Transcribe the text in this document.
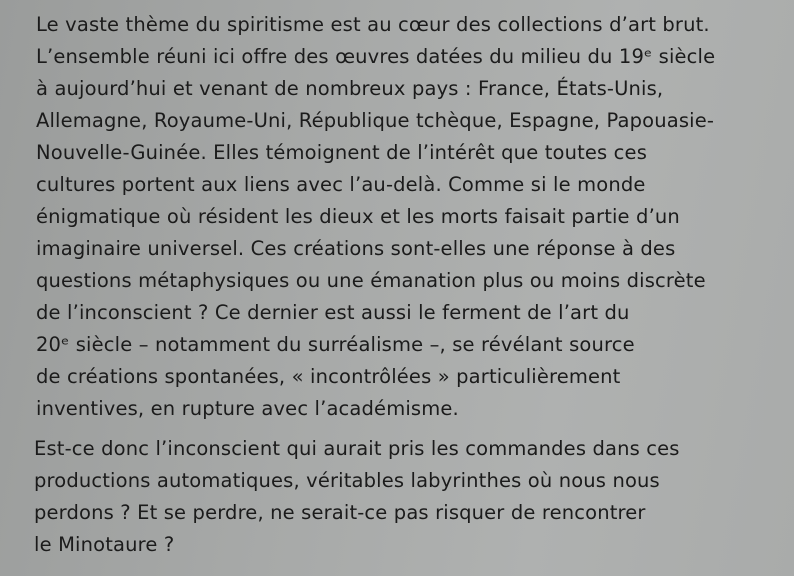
Le vaste thème du spiritisme est au cœur des collections d’art brut.
L’ensemble réuni ici offre des œuvres datées du milieu du 19ᵉ siècle
à aujourd’hui et venant de nombreux pays : France, États-Unis,
Allemagne, Royaume-Uni, République tchèque, Espagne, Papouasie-
Nouvelle-Guinée. Elles témoignent de l’intérêt que toutes ces
cultures portent aux liens avec l’au-delà. Comme si le monde
énigmatique où résident les dieux et les morts faisait partie d’un
imaginaire universel. Ces créations sont-elles une réponse à des
questions métaphysiques ou une émanation plus ou moins discrète
de l’inconscient ? Ce dernier est aussi le ferment de l’art du
20ᵉ siècle – notamment du surréalisme –, se révélant source
de créations spontanées, « incontrôlées » particulièrement
inventives, en rupture avec l’académisme.
Est-ce donc l’inconscient qui aurait pris les commandes dans ces
productions automatiques, véritables labyrinthes où nous nous
perdons ? Et se perdre, ne serait-ce pas risquer de rencontrer
le Minotaure ?
